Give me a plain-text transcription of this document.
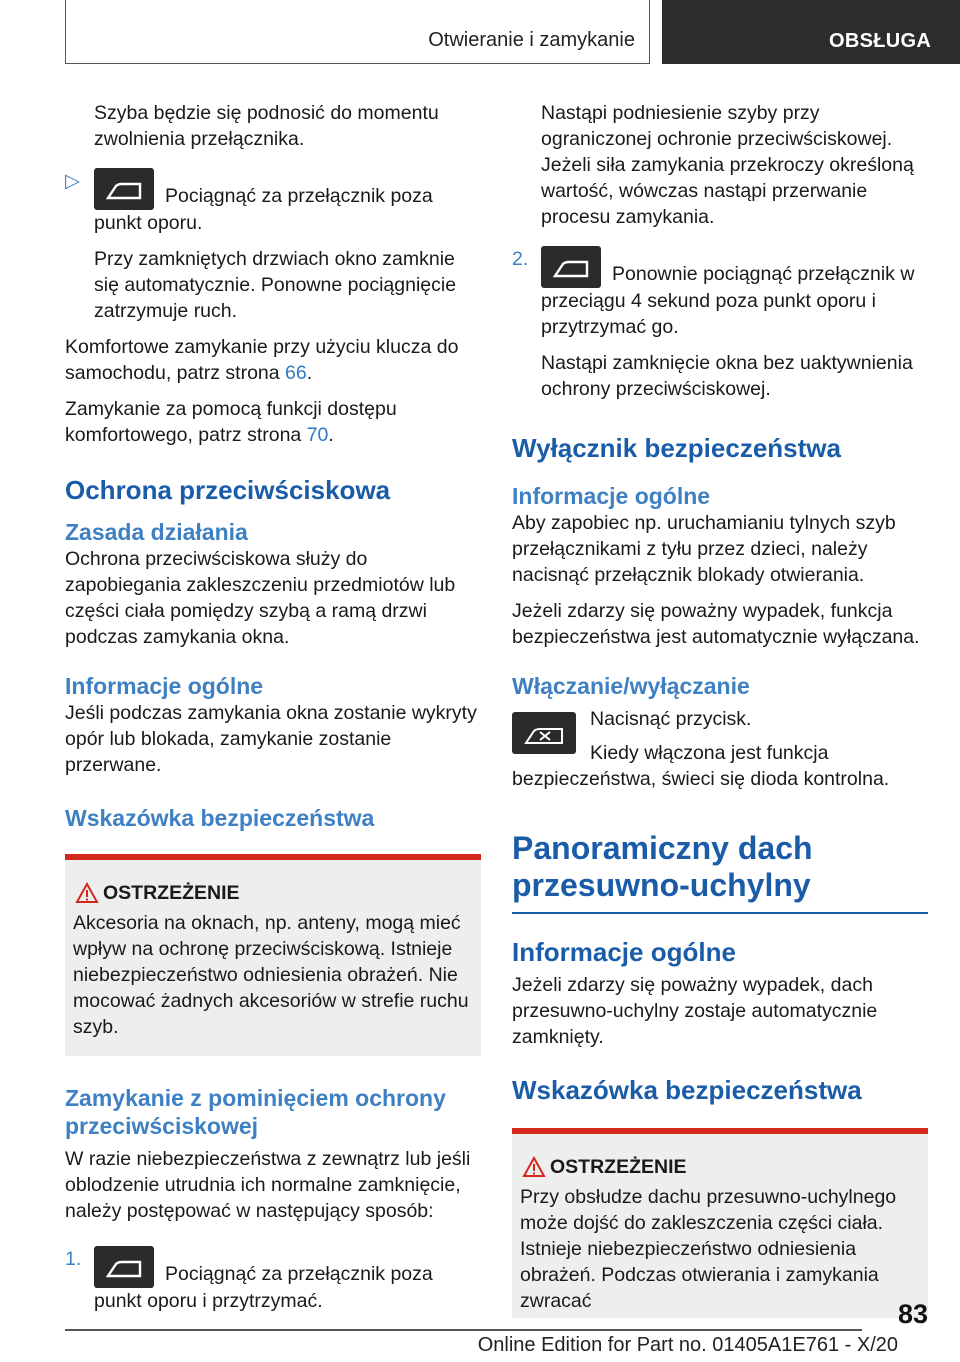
Otwieranie i zamykanie	OBSŁUGA

Szyba będzie się podnosić do momentu zwolnienia przełącznika.

▷

Pociągnąć za przełącznik poza punkt oporu.

Przy zamkniętych drzwiach okno zamknie się automatycznie. Ponowne pociągnięcie zatrzymuje ruch.

Komfortowe zamykanie przy użyciu klucza do samochodu, patrz strona 66.

Zamykanie za pomocą funkcji dostępu komfortowego, patrz strona 70.

Ochrona przeciwściskowa
Zasada działania

Ochrona przeciwściskowa służy do zapobiegania zakleszczeniu przedmiotów lub części ciała pomiędzy szybą a ramą drzwi podczas zamykania okna.

Informacje ogólne

Jeśli podczas zamykania okna zostanie wykryty opór lub blokada, zamykanie zostanie przerwane.

Wskazówka bezpieczeństwa
OSTRZEŻENIE

Akcesoria na oknach, np. anteny, mogą mieć wpływ na ochronę przeciwściskową. Istnieje niebezpieczeństwo odniesienia obrażeń. Nie mocować żadnych akcesoriów w strefie ruchu szyb.

Zamykanie z pominięciem ochrony przeciwściskowej

W razie niebezpieczeństwa z zewnątrz lub jeśli oblodzenie utrudnia ich normalne zamknięcie, należy postępować w następujący sposób:

1.

Pociągnąć za przełącznik poza punkt oporu i przytrzymać.

Nastąpi podniesienie szyby przy ograniczonej ochronie przeciwściskowej. Jeżeli siła zamykania przekroczy określoną wartość, wówczas nastąpi przerwanie procesu zamykania.

2.

Ponownie pociągnąć przełącznik w przeciągu 4 sekund poza punkt oporu i przytrzymać go.

Nastąpi zamknięcie okna bez uaktywnienia ochrony przeciwściskowej.

Wyłącznik bezpieczeństwa
Informacje ogólne

Aby zapobiec np. uruchamianiu tylnych szyb przełącznikami z tyłu przez dzieci, należy nacisnąć przełącznik blokady otwierania.

Jeżeli zdarzy się poważny wypadek, funkcja bezpieczeństwa jest automatycznie wyłączana.

Włączanie/wyłączanie

Nacisnąć przycisk.

Kiedy włączona jest funkcja bezpieczeństwa, świeci się dioda kontrolna.

Panoramiczny dach przesuwno-uchylny
Informacje ogólne

Jeżeli zdarzy się poważny wypadek, dach przesuwno-uchylny zostaje automatycznie zamknięty.

Wskazówka bezpieczeństwa
OSTRZEŻENIE

Przy obsłudze dachu przesuwno-uchylnego może dojść do zakleszczenia części ciała. Istnieje niebezpieczeństwo odniesienia obrażeń. Podczas otwierania i zamykania zwracać	83
Online Edition for Part no. 01405A1E761 - X/20
